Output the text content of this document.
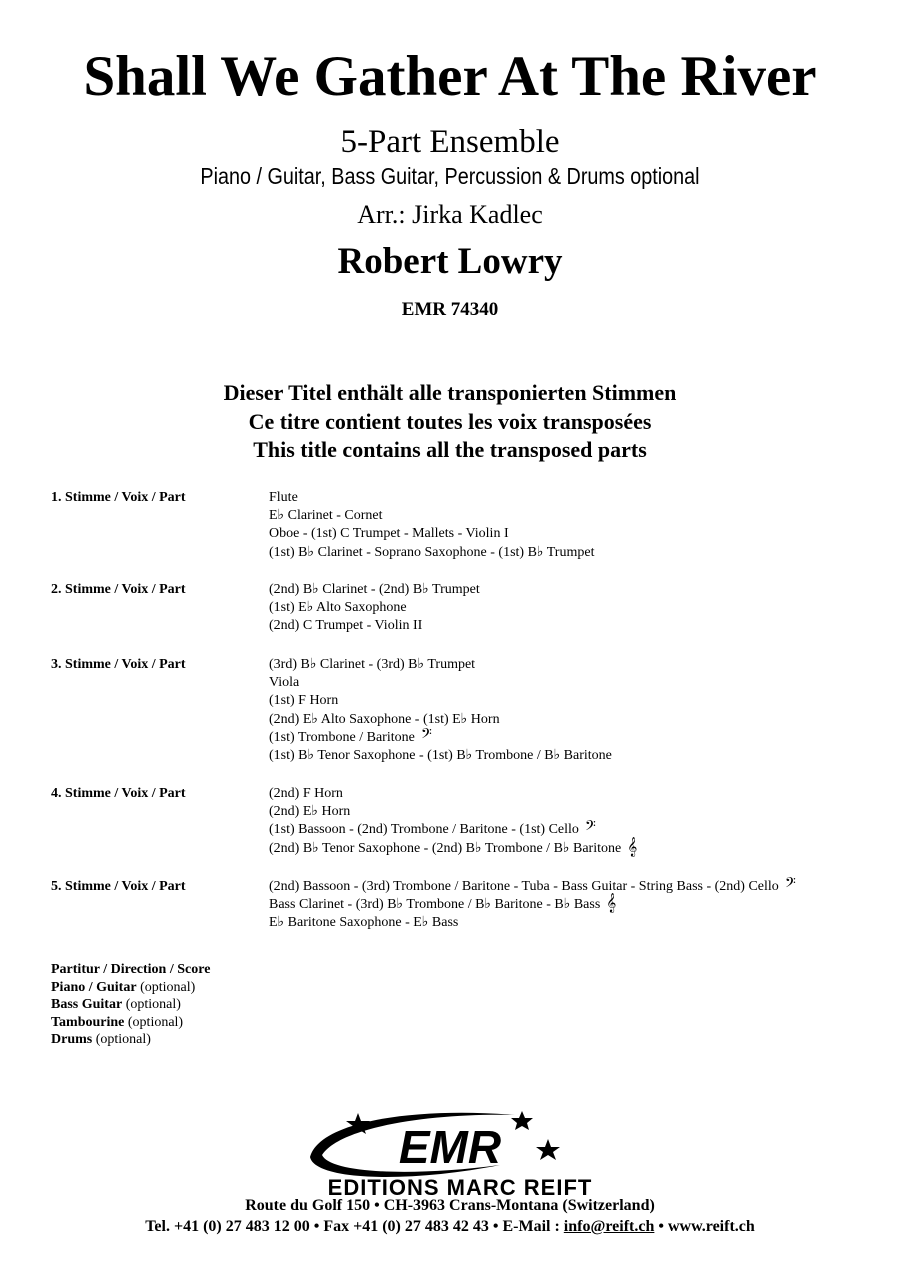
Shall We Gather At The River
5-Part Ensemble
Piano / Guitar, Bass Guitar, Percussion & Drums optional
Arr.: Jirka Kadlec
Robert Lowry
EMR 74340
Dieser Titel enthält alle transponierten Stimmen
Ce titre contient toutes les voix transposées
This title contains all the transposed parts
1. Stimme / Voix / Part	Flute
E♭ Clarinet - Cornet
Oboe - (1st) C Trumpet - Mallets - Violin I
(1st) B♭ Clarinet - Soprano Saxophone - (1st) B♭ Trumpet
2. Stimme / Voix / Part	(2nd) B♭ Clarinet - (2nd) B♭ Trumpet
(1st) E♭ Alto Saxophone
(2nd) C Trumpet - Violin II
3. Stimme / Voix / Part	(3rd) B♭ Clarinet - (3rd) B♭ Trumpet
Viola
(1st) F Horn
(2nd) E♭ Alto Saxophone - (1st) E♭ Horn
(1st) Trombone / Baritone 𝄢
(1st) B♭ Tenor Saxophone - (1st) B♭ Trombone / B♭ Baritone
4. Stimme / Voix / Part	(2nd) F Horn
(2nd) E♭ Horn
(1st) Bassoon - (2nd) Trombone / Baritone - (1st) Cello 𝄢
(2nd) B♭ Tenor Saxophone - (2nd) B♭ Trombone / B♭ Baritone 𝄞
5. Stimme / Voix / Part	(2nd) Bassoon - (3rd) Trombone / Baritone - Tuba - Bass Guitar - String Bass - (2nd) Cello 𝄢
Bass Clarinet - (3rd) B♭ Trombone / B♭ Baritone - B♭ Bass 𝄞
E♭ Baritone Saxophone - E♭ Bass
Partitur / Direction / Score
Piano / Guitar (optional)
Bass Guitar (optional)
Tambourine (optional)
Drums (optional)
EMR
EDITIONS MARC REIFT
Route du Golf 150 • CH-3963 Crans-Montana (Switzerland)
Tel. +41 (0) 27 483 12 00 • Fax +41 (0) 27 483 42 43 • E-Mail : info@reift.ch • www.reift.ch
